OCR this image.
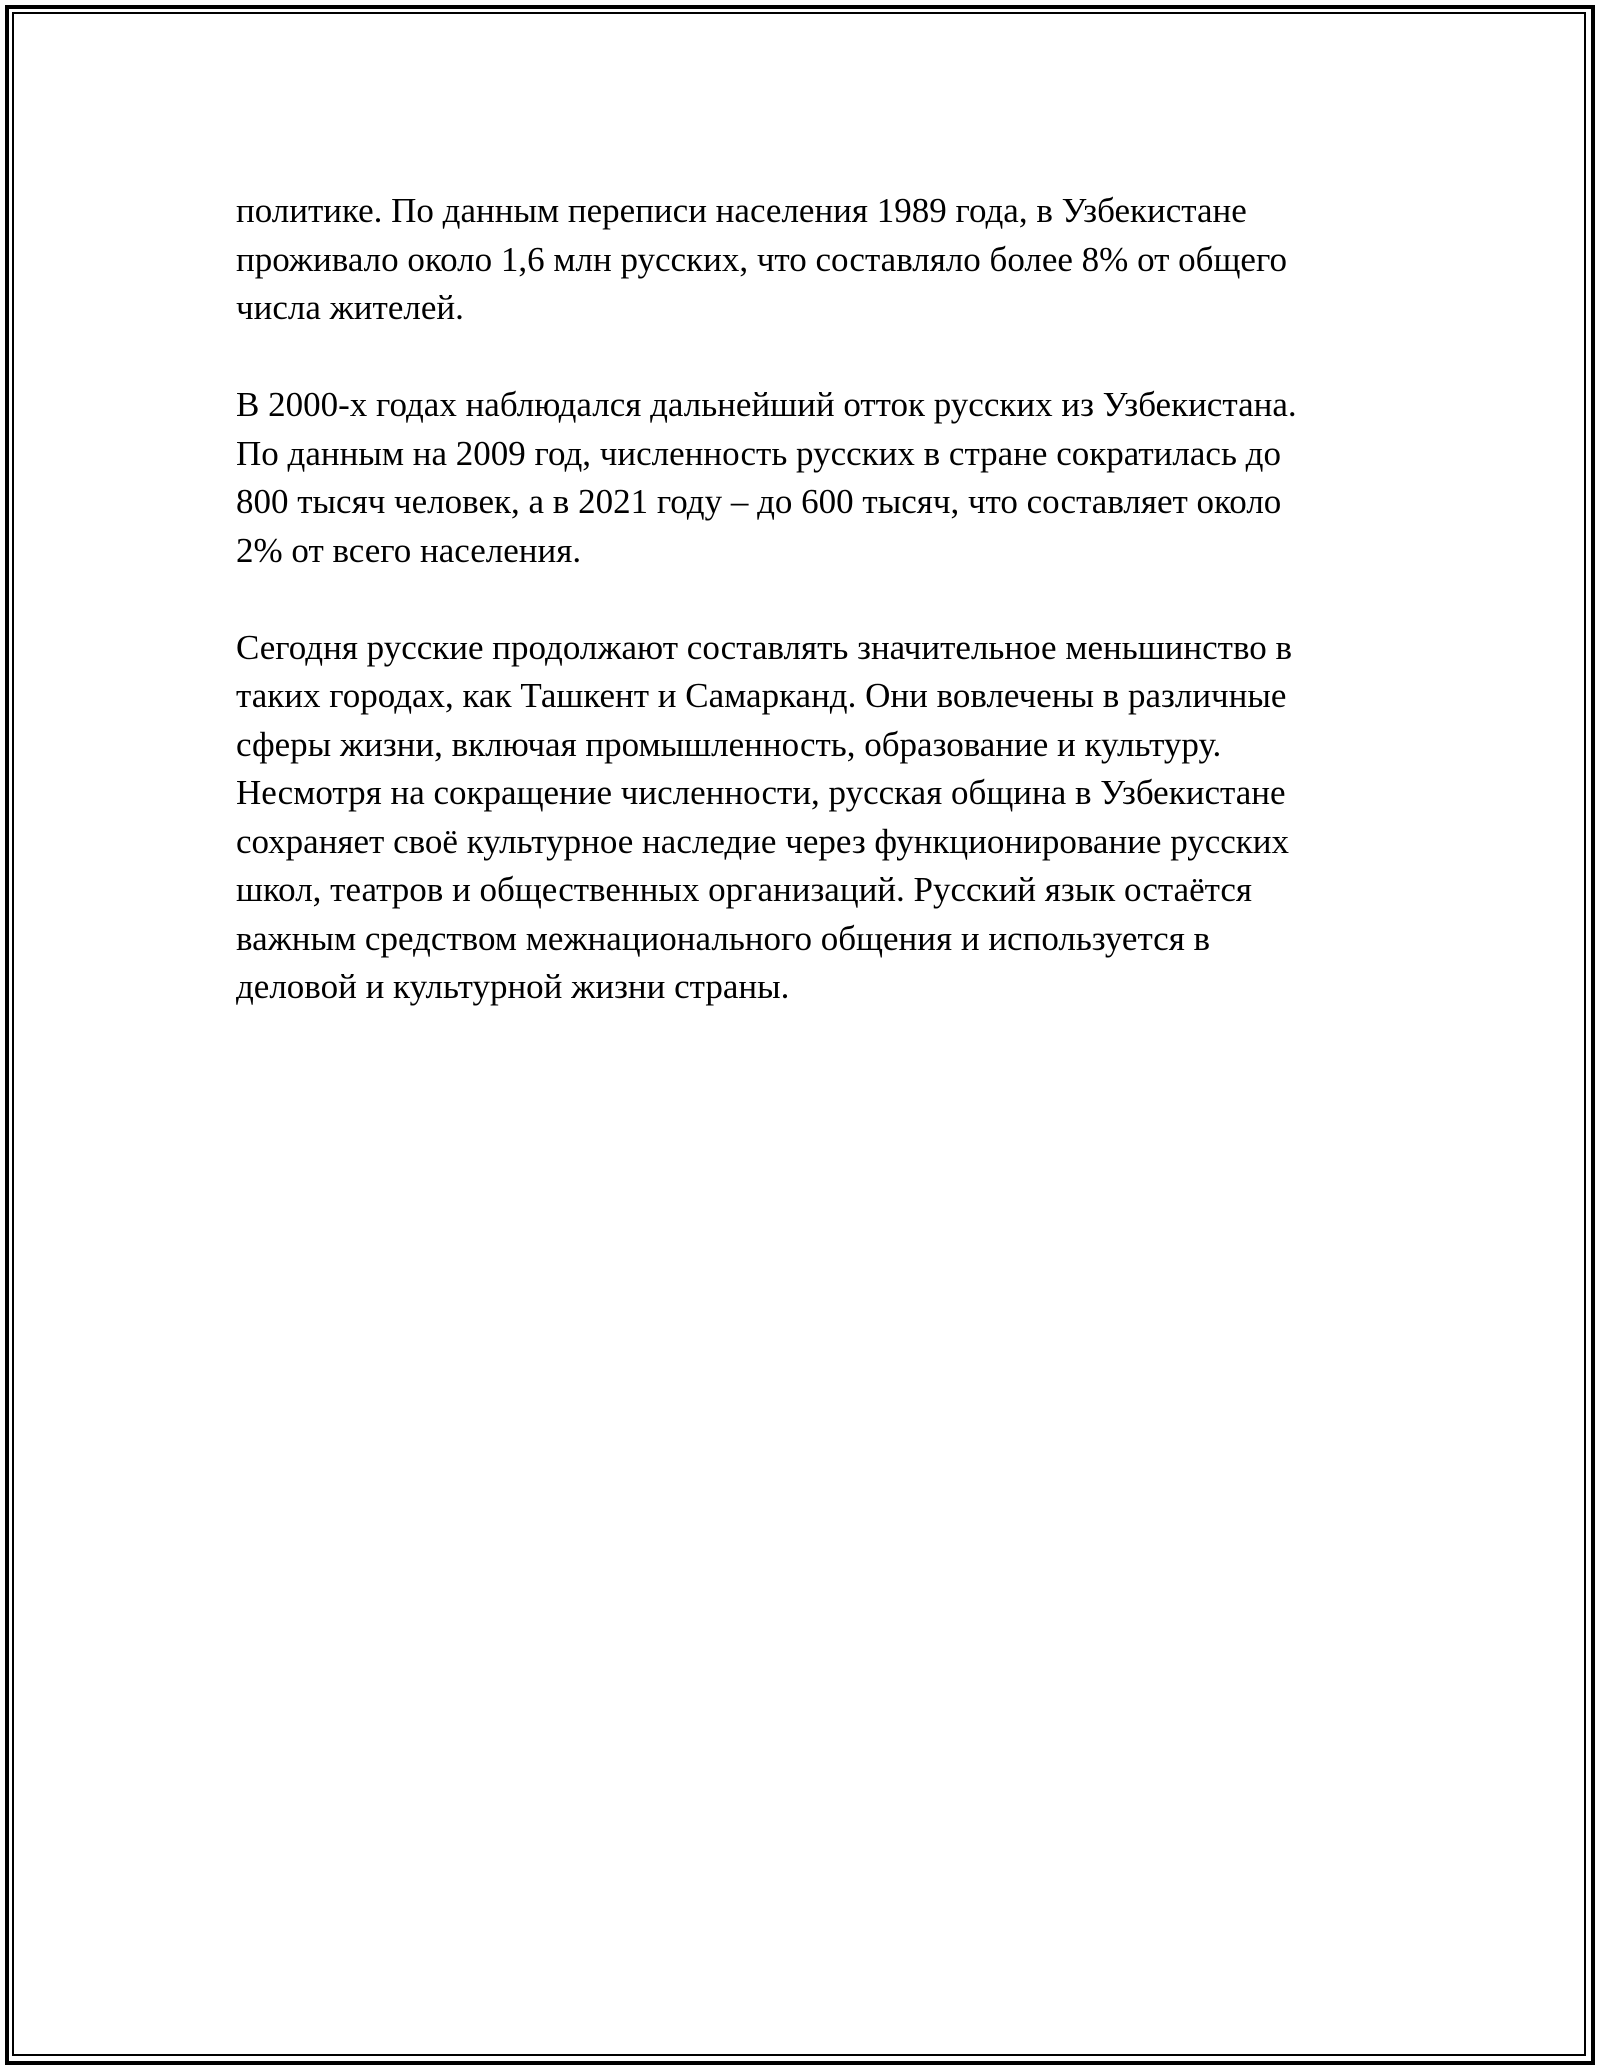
политике. По данным переписи населения 1989 года, в Узбекистане
проживало около 1,6 млн русских, что составляло более 8% от общего
числа жителей.

В 2000-х годах наблюдался дальнейший отток русских из Узбекистана.
По данным на 2009 год, численность русских в стране сократилась до
800 тысяч человек, а в 2021 году – до 600 тысяч, что составляет около
2% от всего населения.

Сегодня русские продолжают составлять значительное меньшинство в
таких городах, как Ташкент и Самарканд. Они вовлечены в различные
сферы жизни, включая промышленность, образование и культуру.
Несмотря на сокращение численности, русская община в Узбекистане
сохраняет своё культурное наследие через функционирование русских
школ, театров и общественных организаций. Русский язык остаётся
важным средством межнационального общения и используется в
деловой и культурной жизни страны.
